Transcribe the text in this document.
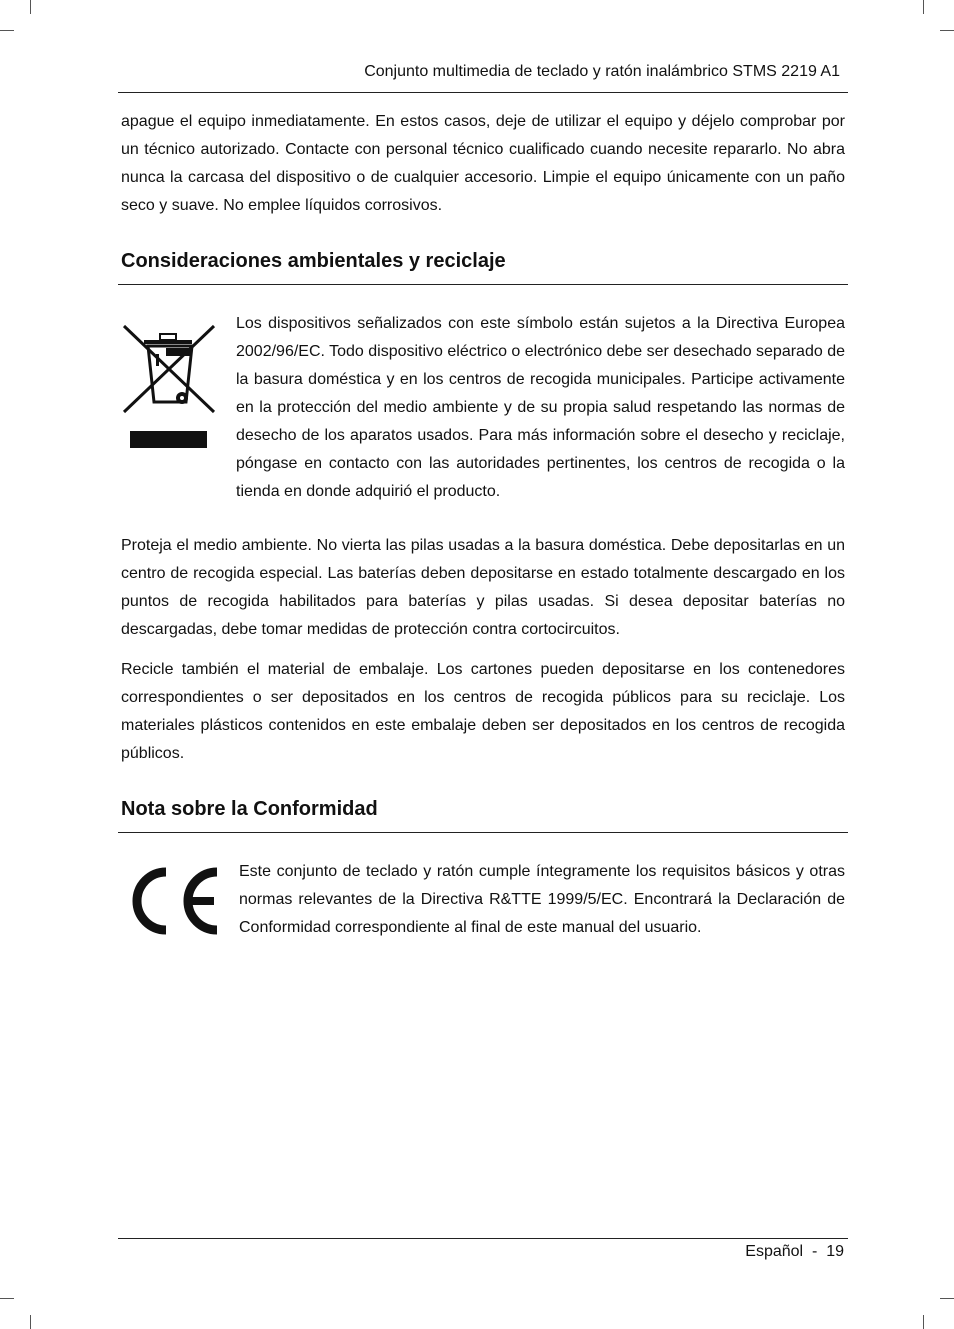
Conjunto multimedia de teclado y ratón inalámbrico STMS 2219 A1

apague el equipo inmediatamente. En estos casos, deje de utilizar el equipo y déjelo comprobar por un técnico autorizado. Contacte con personal técnico cualificado cuando necesite repararlo. No abra nunca la carcasa del dispositivo o de cualquier accesorio. Limpie el equipo únicamente con un paño seco y suave. No emplee líquidos corrosivos.

Consideraciones ambientales y reciclaje

Los dispositivos señalizados con este símbolo están sujetos a la Directiva Europea 2002/96/EC. Todo dispositivo eléctrico o electrónico debe ser desechado separado de la basura doméstica y en los centros de recogida municipales. Participe activamente en la protección del medio ambiente y de su propia salud respetando las normas de desecho de los aparatos usados. Para más información sobre el desecho y reciclaje, póngase en contacto con las autoridades pertinentes, los centros de recogida o la tienda en donde adquirió el producto.

Proteja el medio ambiente. No vierta las pilas usadas a la basura doméstica. Debe depositarlas en un centro de recogida especial. Las baterías deben depositarse en estado totalmente descargado en los puntos de recogida habilitados para baterías y pilas usadas. Si desea depositar baterías no descargadas, debe tomar medidas de protección contra cortocircuitos.

Recicle también el material de embalaje. Los cartones pueden depositarse en los contenedores correspondientes o ser depositados en los centros de recogida públicos para su reciclaje. Los materiales plásticos contenidos en este embalaje deben ser depositados en los centros de recogida públicos.

Nota sobre la Conformidad

Este conjunto de teclado y ratón cumple íntegramente los requisitos básicos y otras normas relevantes de la Directiva R&TTE 1999/5/EC. Encontrará la Declaración de Conformidad correspondiente al final de este manual del usuario.

Español  -  19
